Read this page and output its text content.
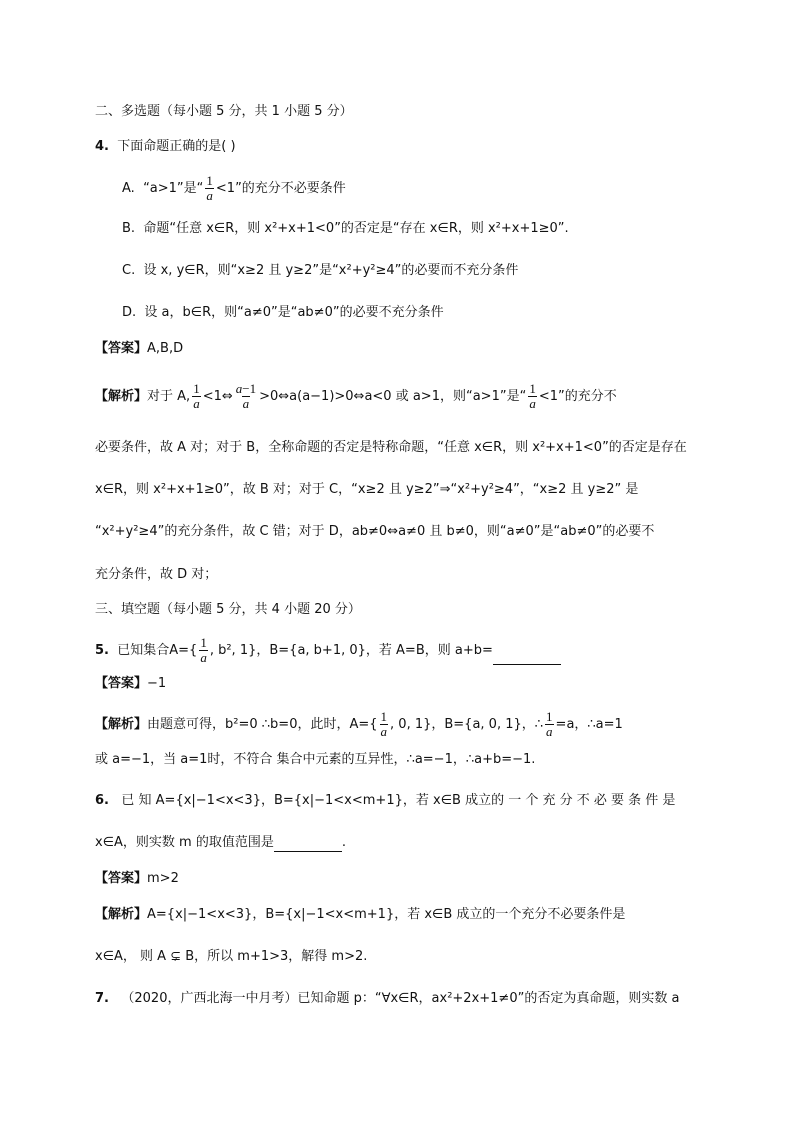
二、多选题（每小题 5 分，共 1 小题 5 分）
4. 下面命题正确的是( )
A. “a>1”是“ $\frac{1}{a} <1$”的充分不必要条件
B. 命题“任意 x∈R，则 x²+x+1<0”的否定是“存在 x∈R，则 x²+x+1≥0”.
C. 设 x, y∈R，则“x≥2 且 y≥2”是“x²+y²≥4”的必要而不充分条件
D. 设 a，b∈R，则“a≠0”是“ab≠0”的必要不充分条件
【答案】A,B,D
【解析】对于 A, $\frac{1}{a}$ <1⇔ $\frac{a-1}{a}$ >0⇔a(a−1)>0⇔a<0 或 a>1，则“a>1”是“ $\frac{1}{a} <1$”的充分不
必要条件，故 A 对；对于 B，全称命题的否定是特称命题，“任意 x∈R，则 x²+x+1<0”的否定是存在
x∈R，则 x²+x+1≥0”，故 B 对；对于 C，“x≥2 且 y≥2”⇒“x²+y²≥4”，“x≥2 且 y≥2” 是
“x²+y²≥4”的充分条件，故 C 错；对于 D，ab≠0⇔a≠0 且 b≠0，则“a≠0”是“ab≠0”的必要不
充分条件，故 D 对；
三、填空题（每小题 5 分，共 4 小题 20 分）
5. 已知集合$A=\{ \frac{1}{a}$ , b², 1}，B={a, b+1, 0}，若 A=B，则 a+b=
【答案】−1
【解析】由题意可得，b²=0 ∴b=0，此时，$A=\{ \frac{1}{a}$ , 0, 1}，B={a, 0, 1}，∴ $\frac{1}{a} =a$，∴a=1
或 a=−1，当 a=1时，不符合 集合中元素的互异性，∴a=−1，∴a+b=−1.
6. 已 知 A={x|−1<x<3}，B={x|−1<x<m+1}，若 x∈B 成立的 一 个 充 分 不 必 要 条 件 是
x∈A，则实数 m 的取值范围是	.
【答案】m>2
【解析】A={x|−1<x<3}，B={x|−1<x<m+1}，若 x∈B 成立的一个充分不必要条件是
x∈A， 则 A ⊊ B，所以 m+1>3，解得 m>2.
7. （2020，广西北海一中月考）已知命题 p：“∀x∈R，ax²+2x+1≠0”的否定为真命题，则实数 a
